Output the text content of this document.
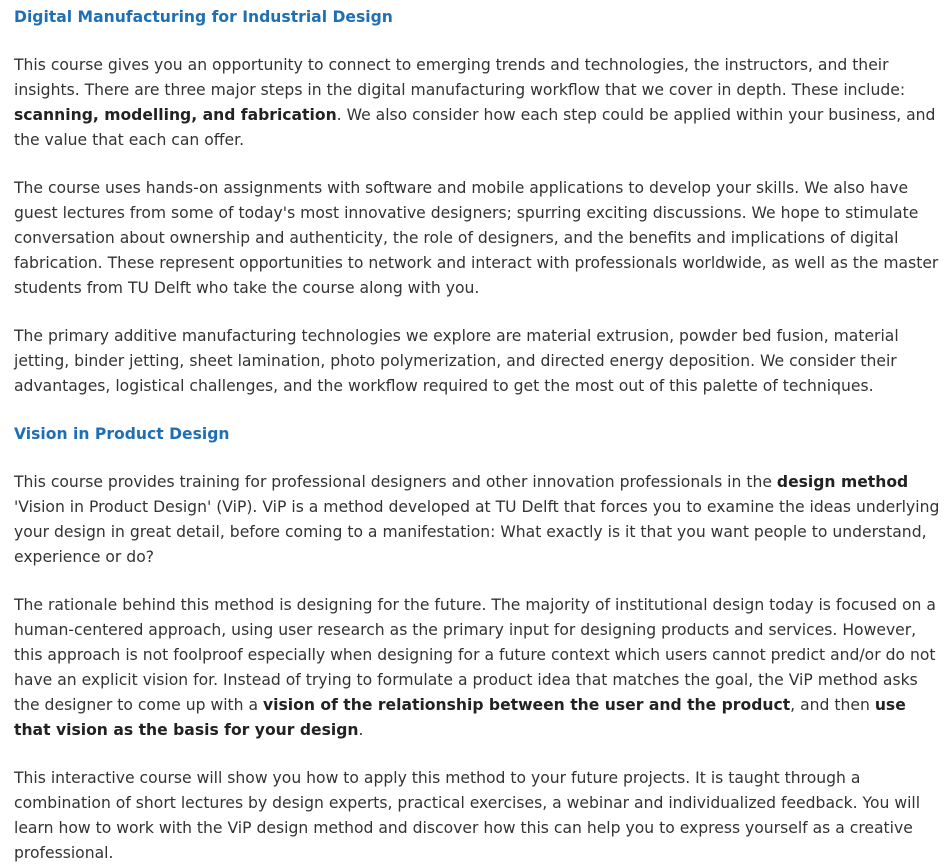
Digital Manufacturing for Industrial Design

This course gives you an opportunity to connect to emerging trends and technologies, the instructors, and their insights. There are three major steps in the digital manufacturing workflow that we cover in depth. These include: scanning, modelling, and fabrication. We also consider how each step could be applied within your business, and the value that each can offer.

The course uses hands-on assignments with software and mobile applications to develop your skills. We also have guest lectures from some of today's most innovative designers; spurring exciting discussions. We hope to stimulate conversation about ownership and authenticity, the role of designers, and the benefits and implications of digital fabrication. These represent opportunities to network and interact with professionals worldwide, as well as the master students from TU Delft who take the course along with you.

The primary additive manufacturing technologies we explore are material extrusion, powder bed fusion, material jetting, binder jetting, sheet lamination, photo polymerization, and directed energy deposition. We consider their advantages, logistical challenges, and the workflow required to get the most out of this palette of techniques.

Vision in Product Design

This course provides training for professional designers and other innovation professionals in the design method 'Vision in Product Design' (ViP). ViP is a method developed at TU Delft that forces you to examine the ideas underlying your design in great detail, before coming to a manifestation: What exactly is it that you want people to understand, experience or do?

The rationale behind this method is designing for the future. The majority of institutional design today is focused on a human-centered approach, using user research as the primary input for designing products and services. However, this approach is not foolproof especially when designing for a future context which users cannot predict and/or do not have an explicit vision for. Instead of trying to formulate a product idea that matches the goal, the ViP method asks the designer to come up with a vision of the relationship between the user and the product, and then use that vision as the basis for your design.

This interactive course will show you how to apply this method to your future projects. It is taught through a combination of short lectures by design experts, practical exercises, a webinar and individualized feedback. You will learn how to work with the ViP design method and discover how this can help you to express yourself as a creative professional.
